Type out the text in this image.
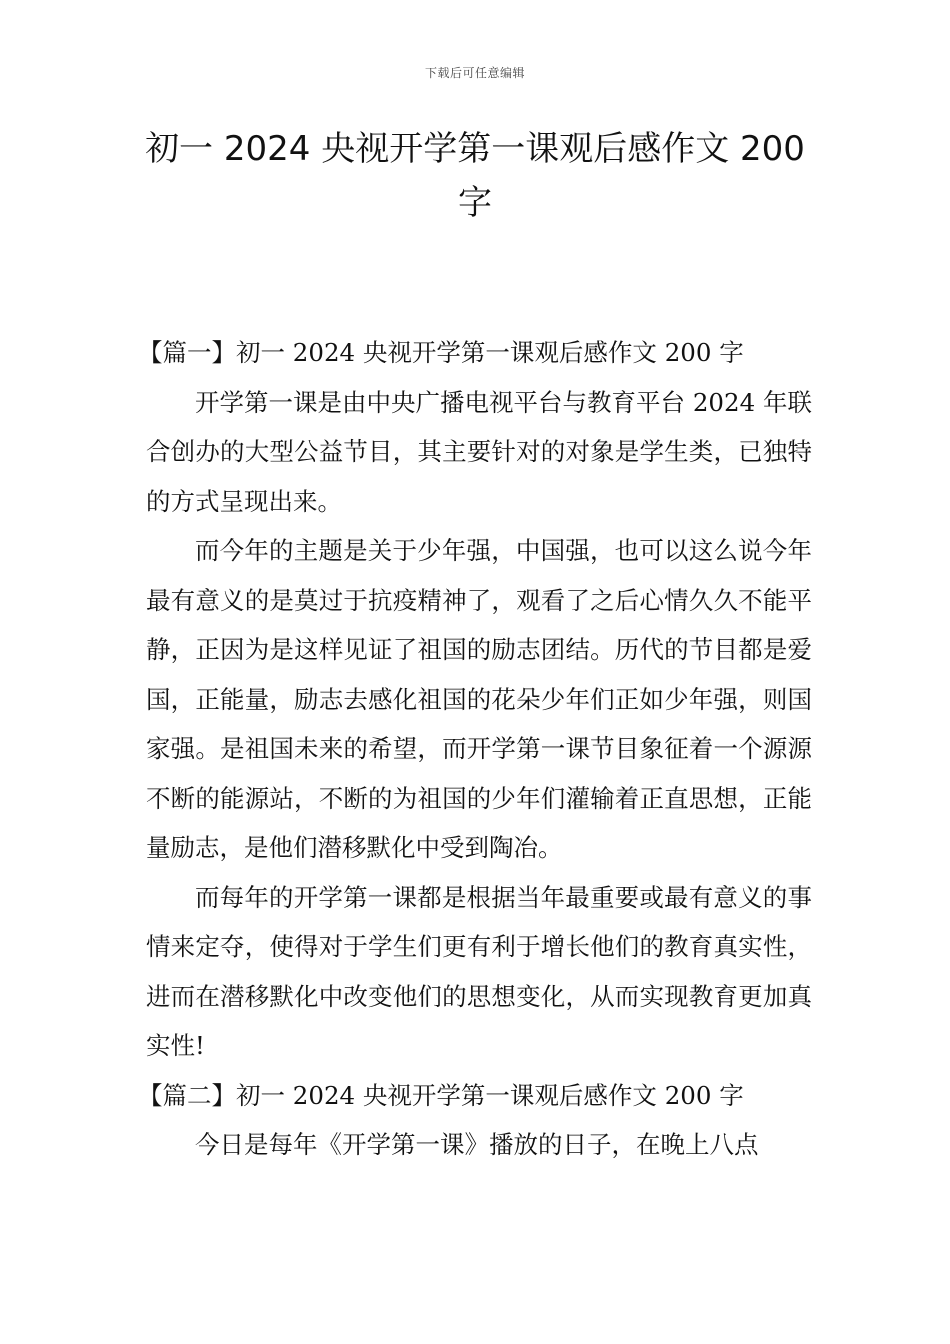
下载后可任意编辑
初一 2024 央视开学第一课观后感作文 200 字

【篇一】初一 2024 央视开学第一课观后感作文 200 字

开学第一课是由中央广播电视平台与教育平台 2024 年联合创办的大型公益节目，其主要针对的对象是学生类，已独特的方式呈现出来。

而今年的主题是关于少年强，中国强，也可以这么说今年最有意义的是莫过于抗疫精神了，观看了之后心情久久不能平静，正因为是这样见证了祖国的励志团结。历代的节目都是爱国，正能量，励志去感化祖国的花朵少年们正如少年强，则国家强。是祖国未来的希望，而开学第一课节目象征着一个源源不断的能源站，不断的为祖国的少年们灌输着正直思想，正能量励志，是他们潜移默化中受到陶冶。

而每年的开学第一课都是根据当年最重要或最有意义的事情来定夺，使得对于学生们更有利于增长他们的教育真实性，进而在潜移默化中改变他们的思想变化，从而实现教育更加真实性!

【篇二】初一 2024 央视开学第一课观后感作文 200 字

今日是每年《开学第一课》播放的日子，在晚上八点
